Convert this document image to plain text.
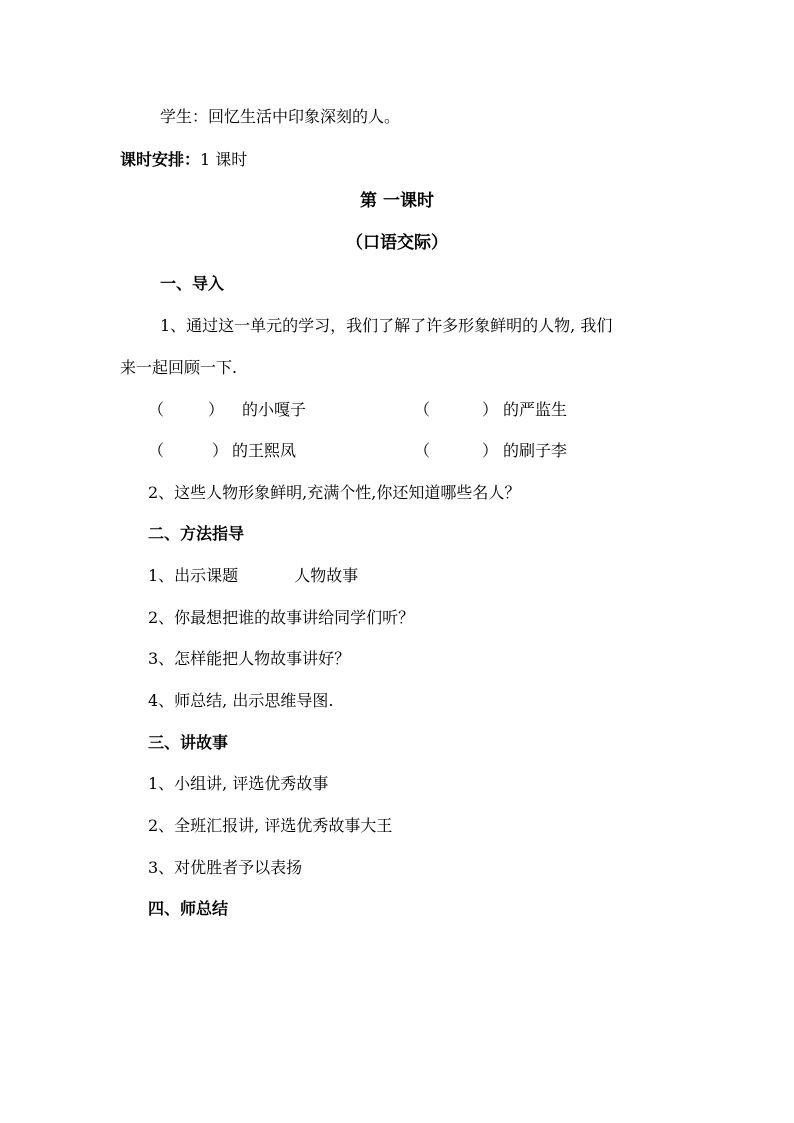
学生：回忆生活中印象深刻的人。
课时安排：1 课时
第 一课时
（口语交际）
一、导入
1、通过这一单元的学习，我们了解了许多形象鲜明的人物, 我们
来一起回顾一下.
（	） 的小嘎子	（	） 的严监生
（	） 的王熙凤	（	） 的刷子李
2、这些人物形象鲜明,充满个性,你还知道哪些名人？
二、方法指导
1、出示课题	人物故事
2、你最想把谁的故事讲给同学们听？
3、怎样能把人物故事讲好？
4、师总结, 出示思维导图.
三、讲故事
1、小组讲, 评选优秀故事
2、全班汇报讲, 评选优秀故事大王
3、对优胜者予以表扬
四、师总结
